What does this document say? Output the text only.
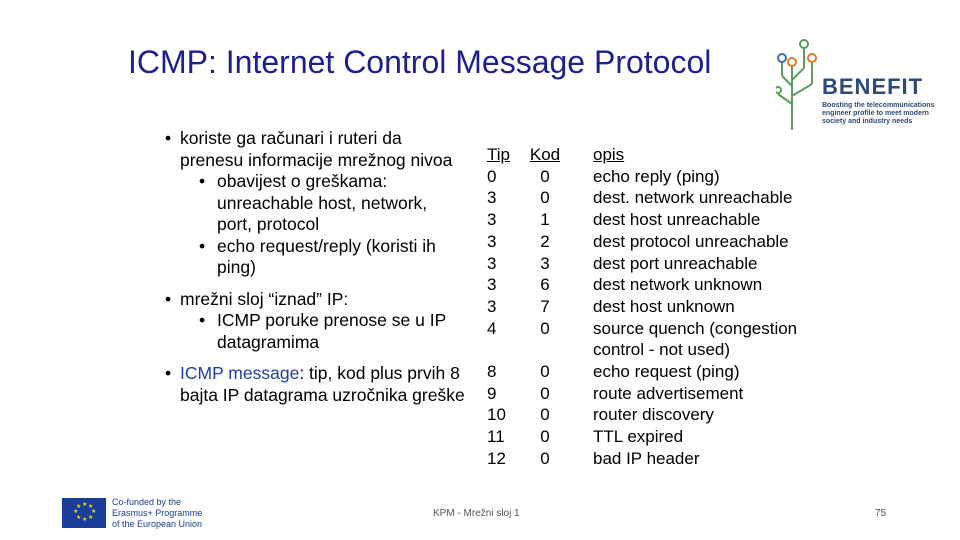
ICMP: Internet Control Message Protocol
BENEFIT
Boosting the telecommunications engineer profile to meet modern society and industry needs
• koriste ga računari i ruteri da prenesu informacije mrežnog nivoa
• obavijest o greškama: unreachable host, network, port, protocol
• echo request/reply (koristi ih ping)
• mrežni sloj “iznad” IP:
• ICMP poruke prenose se u IP datagramima
• ICMP message: tip, kod plus prvih 8 bajta IP datagrama uzročnika greške
Tip
0
3
3
3
3
3
3
4
8
9
10
11
12
Kod
0
0
1
2
3
6
7
0
0
0
0
0
0
opis
echo reply (ping)
dest. network unreachable
dest host unreachable
dest protocol unreachable
dest port unreachable
dest network unknown
dest host unknown
source quench (congestion
control - not used)
echo request (ping)
route advertisement
router discovery
TTL expired
bad IP header
★ ★
★
★
★
★
★
★	Co-funded by the
Erasmus+ Programme
of the European Union
KPM - Mrežni sloj 1	75
